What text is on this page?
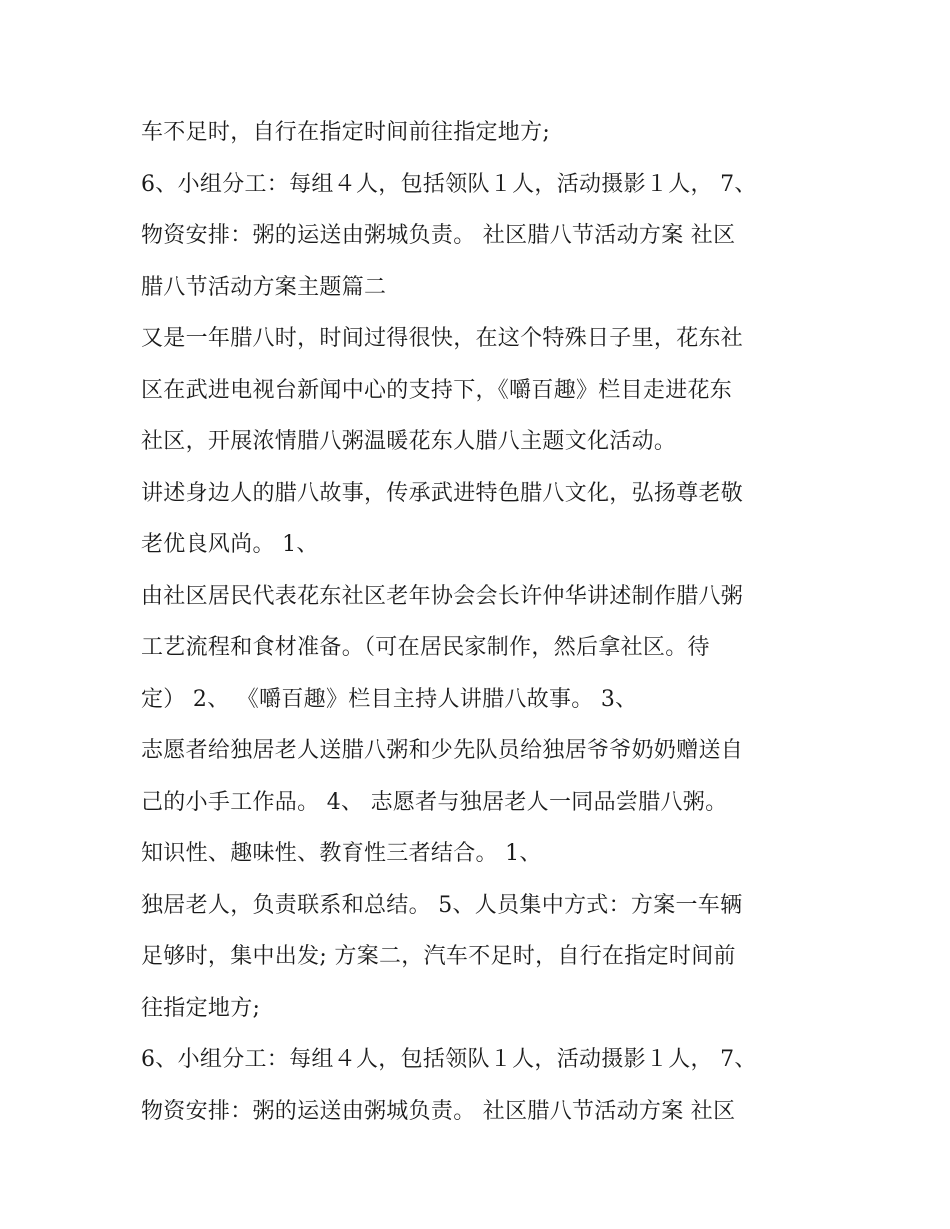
车不足时，自行在指定时间前往指定地方;
6、小组分工：每组４人，包括领队１人，活动摄影１人， 7、
物资安排：粥的运送由粥城负责。 社区腊八节活动方案 社区
腊八节活动方案主题篇二
又是一年腊八时，时间过得很快，在这个特殊日子里，花东社
区在武进电视台新闻中心的支持下，《嚼百趣》栏目走进花东
社区，开展浓情腊八粥温暖花东人腊八主题文化活动。
讲述身边人的腊八故事，传承武进特色腊八文化，弘扬尊老敬
老优良风尚。 1、
由社区居民代表花东社区老年协会会长许仲华讲述制作腊八粥
工艺流程和食材准备。（可在居民家制作，然后拿社区。待
定） 2、 《嚼百趣》栏目主持人讲腊八故事。 3、
志愿者给独居老人送腊八粥和少先队员给独居爷爷奶奶赠送自
己的小手工作品。 4、 志愿者与独居老人一同品尝腊八粥。
知识性、趣味性、教育性三者结合。 1、
独居老人，负责联系和总结。 5、人员集中方式：方案一车辆
足够时，集中出发; 方案二，汽车不足时，自行在指定时间前
往指定地方;
6、小组分工：每组４人，包括领队１人，活动摄影１人， 7、
物资安排：粥的运送由粥城负责。 社区腊八节活动方案 社区
